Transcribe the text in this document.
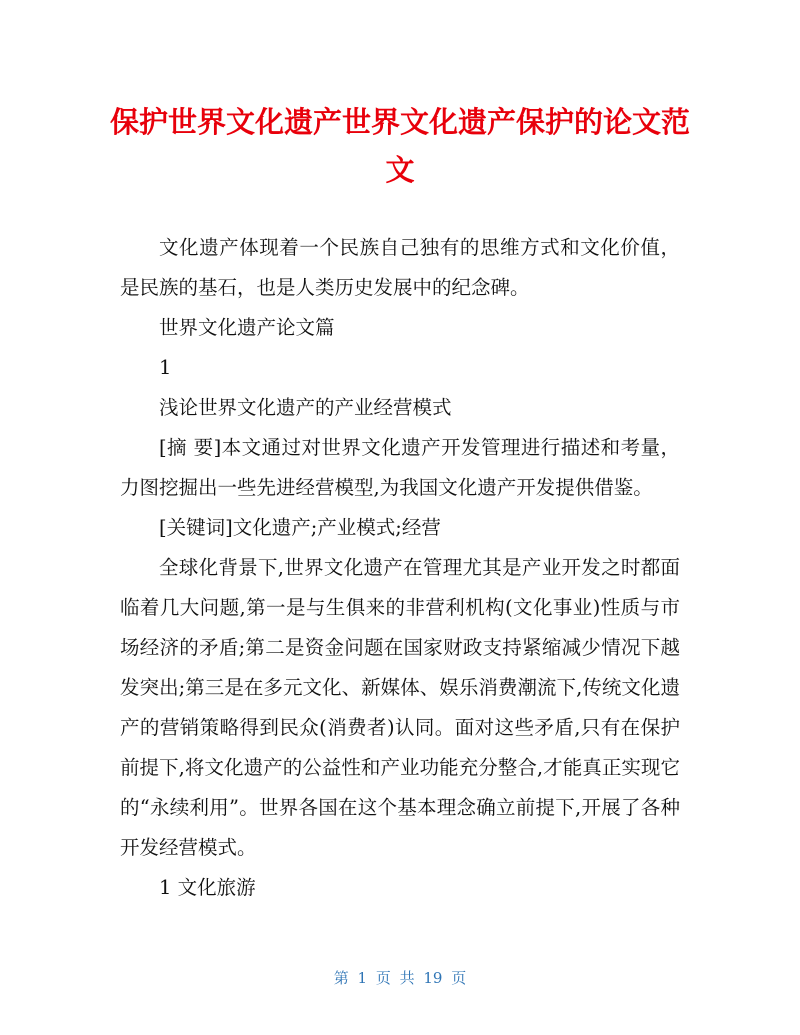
保护世界文化遗产世界文化遗产保护的论文范文

文化遗产体现着一个民族自己独有的思维方式和文化价值，是民族的基石，也是人类历史发展中的纪念碑。

世界文化遗产论文篇

1

浅论世界文化遗产的产业经营模式

[摘 要]本文通过对世界文化遗产开发管理进行描述和考量，力图挖掘出一些先进经营模型,为我国文化遗产开发提供借鉴。

[关键词]文化遗产;产业模式;经营

全球化背景下,世界文化遗产在管理尤其是产业开发之时都面临着几大问题,第一是与生俱来的非营利机构(文化事业)性质与市场经济的矛盾;第二是资金问题在国家财政支持紧缩减少情况下越发突出;第三是在多元文化、新媒体、娱乐消费潮流下,传统文化遗产的营销策略得到民众(消费者)认同。面对这些矛盾,只有在保护前提下,将文化遗产的公益性和产业功能充分整合,才能真正实现它的“永续利用”。世界各国在这个基本理念确立前提下,开展了各种开发经营模式。

1 文化旅游

第 1 页 共 19 页
